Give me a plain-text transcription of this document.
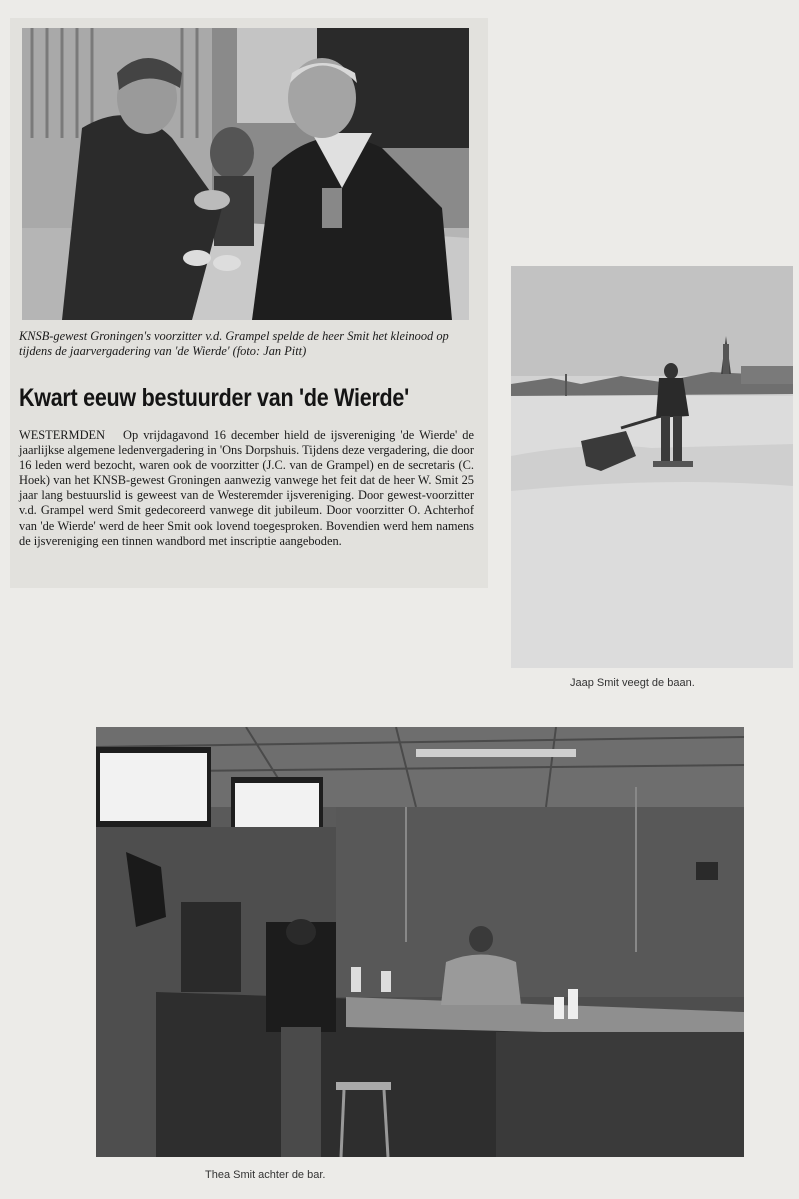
KNSB-gewest Groningen's voorzitter v.d. Grampel spelde de heer Smit het kleinood op tijdens de jaarvergadering van 'de Wierde' (foto: Jan Pitt)
Kwart eeuw bestuurder van 'de Wierde'
WESTERMDEN Op vrijdagavond 16 december hield de ijsvereniging 'de Wierde' de jaarlijkse algemene ledenvergadering in 'Ons Dorpshuis. Tijdens deze vergadering, die door 16 leden werd bezocht, waren ook de voorzitter (J.C. van de Grampel) en de secretaris (C. Hoek) van het KNSB-gewest Groningen aanwezig vanwege het feit dat de heer W. Smit 25 jaar lang bestuurslid is geweest van de Westeremder ijsvereniging. Door gewest-voorzitter v.d. Grampel werd Smit gedecoreerd vanwege dit jubileum. Door voorzitter O. Achterhof van 'de Wierde' werd de heer Smit ook lovend toegesproken. Bovendien werd hem namens de ijsvereniging een tinnen wandbord met inscriptie aangeboden.
Jaap Smit veegt de baan.
Thea Smit achter de bar.
